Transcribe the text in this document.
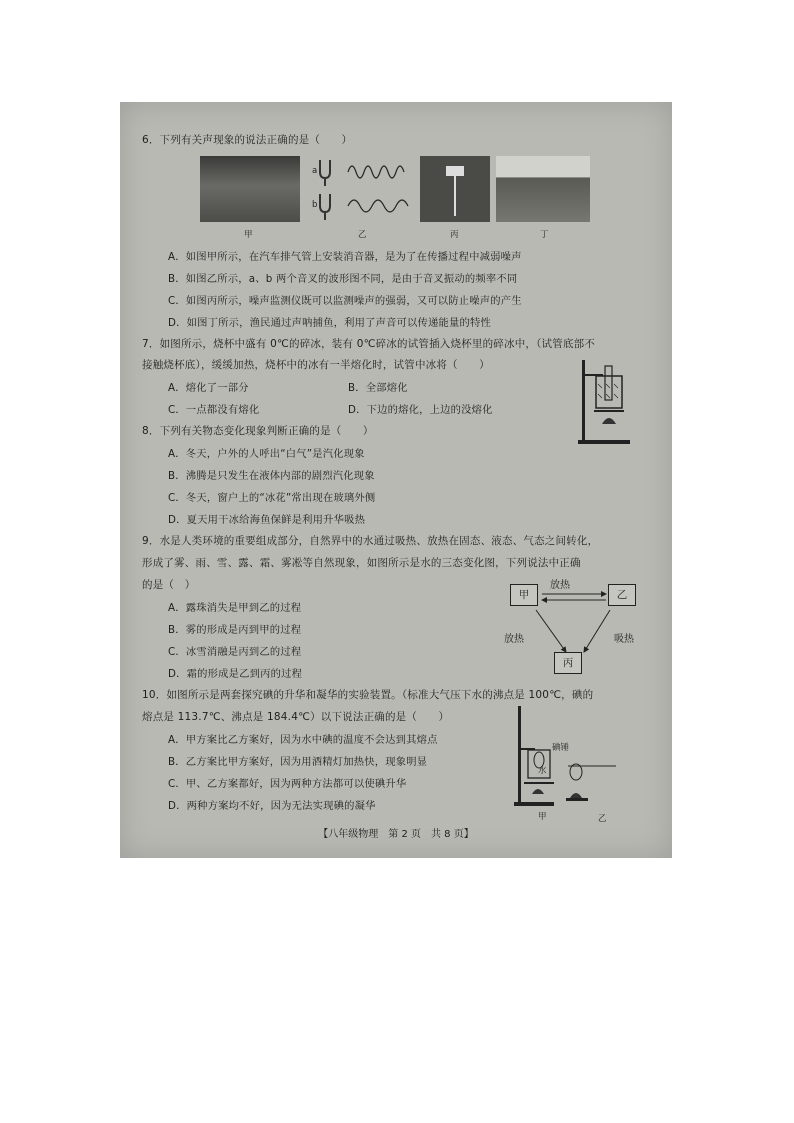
6．下列有关声现象的说法正确的是（　　）
a
b
甲	乙	丙	丁
A．如图甲所示，在汽车排气管上安装消音器，是为了在传播过程中减弱噪声
B．如图乙所示，a、b 两个音叉的波形图不同，是由于音叉振动的频率不同
C．如图丙所示，噪声监测仪既可以监测噪声的强弱，又可以防止噪声的产生
D．如图丁所示，渔民通过声呐捕鱼，利用了声音可以传递能量的特性
7．如图所示，烧杯中盛有 0℃的碎冰，装有 0℃碎冰的试管插入烧杯里的碎冰中，（试管底部不
接触烧杯底），缓缓加热，烧杯中的冰有一半熔化时，试管中冰将（　　）
A．熔化了一部分	B．全部熔化
C．一点都没有熔化	D．下边的熔化，上边的没熔化
8．下列有关物态变化现象判断正确的是（　　）
A．冬天，户外的人呼出“白气”是汽化现象
B．沸腾是只发生在液体内部的剧烈汽化现象
C．冬天，窗户上的“冰花”常出现在玻璃外侧
D．夏天用干冰给海鱼保鲜是利用升华吸热
9．水是人类环境的重要组成部分，自然界中的水通过吸热、放热在固态、液态、气态之间转化，
形成了雾、雨、雪、露、霜、雾凇等自然现象，如图所示是水的三态变化图，下列说法中正确
的是（　）
A．露珠消失是甲到乙的过程
B．雾的形成是丙到甲的过程
C．冰雪消融是丙到乙的过程
D．霜的形成是乙到丙的过程
甲	乙
丙
放热
放热	吸热
10．如图所示是两套探究碘的升华和凝华的实验装置。（标准大气压下水的沸点是 100℃，碘的
熔点是 113.7℃、沸点是 184.4℃）以下说法正确的是（　　）
A．甲方案比乙方案好，因为水中碘的温度不会达到其熔点
B．乙方案比甲方案好，因为用酒精灯加热快，现象明显
C．甲、乙方案都好，因为两种方法都可以使碘升华
D．两种方案均不好，因为无法实现碘的凝华
碘锤
水
甲	乙
【八年级物理　第 2 页　共 8 页】
